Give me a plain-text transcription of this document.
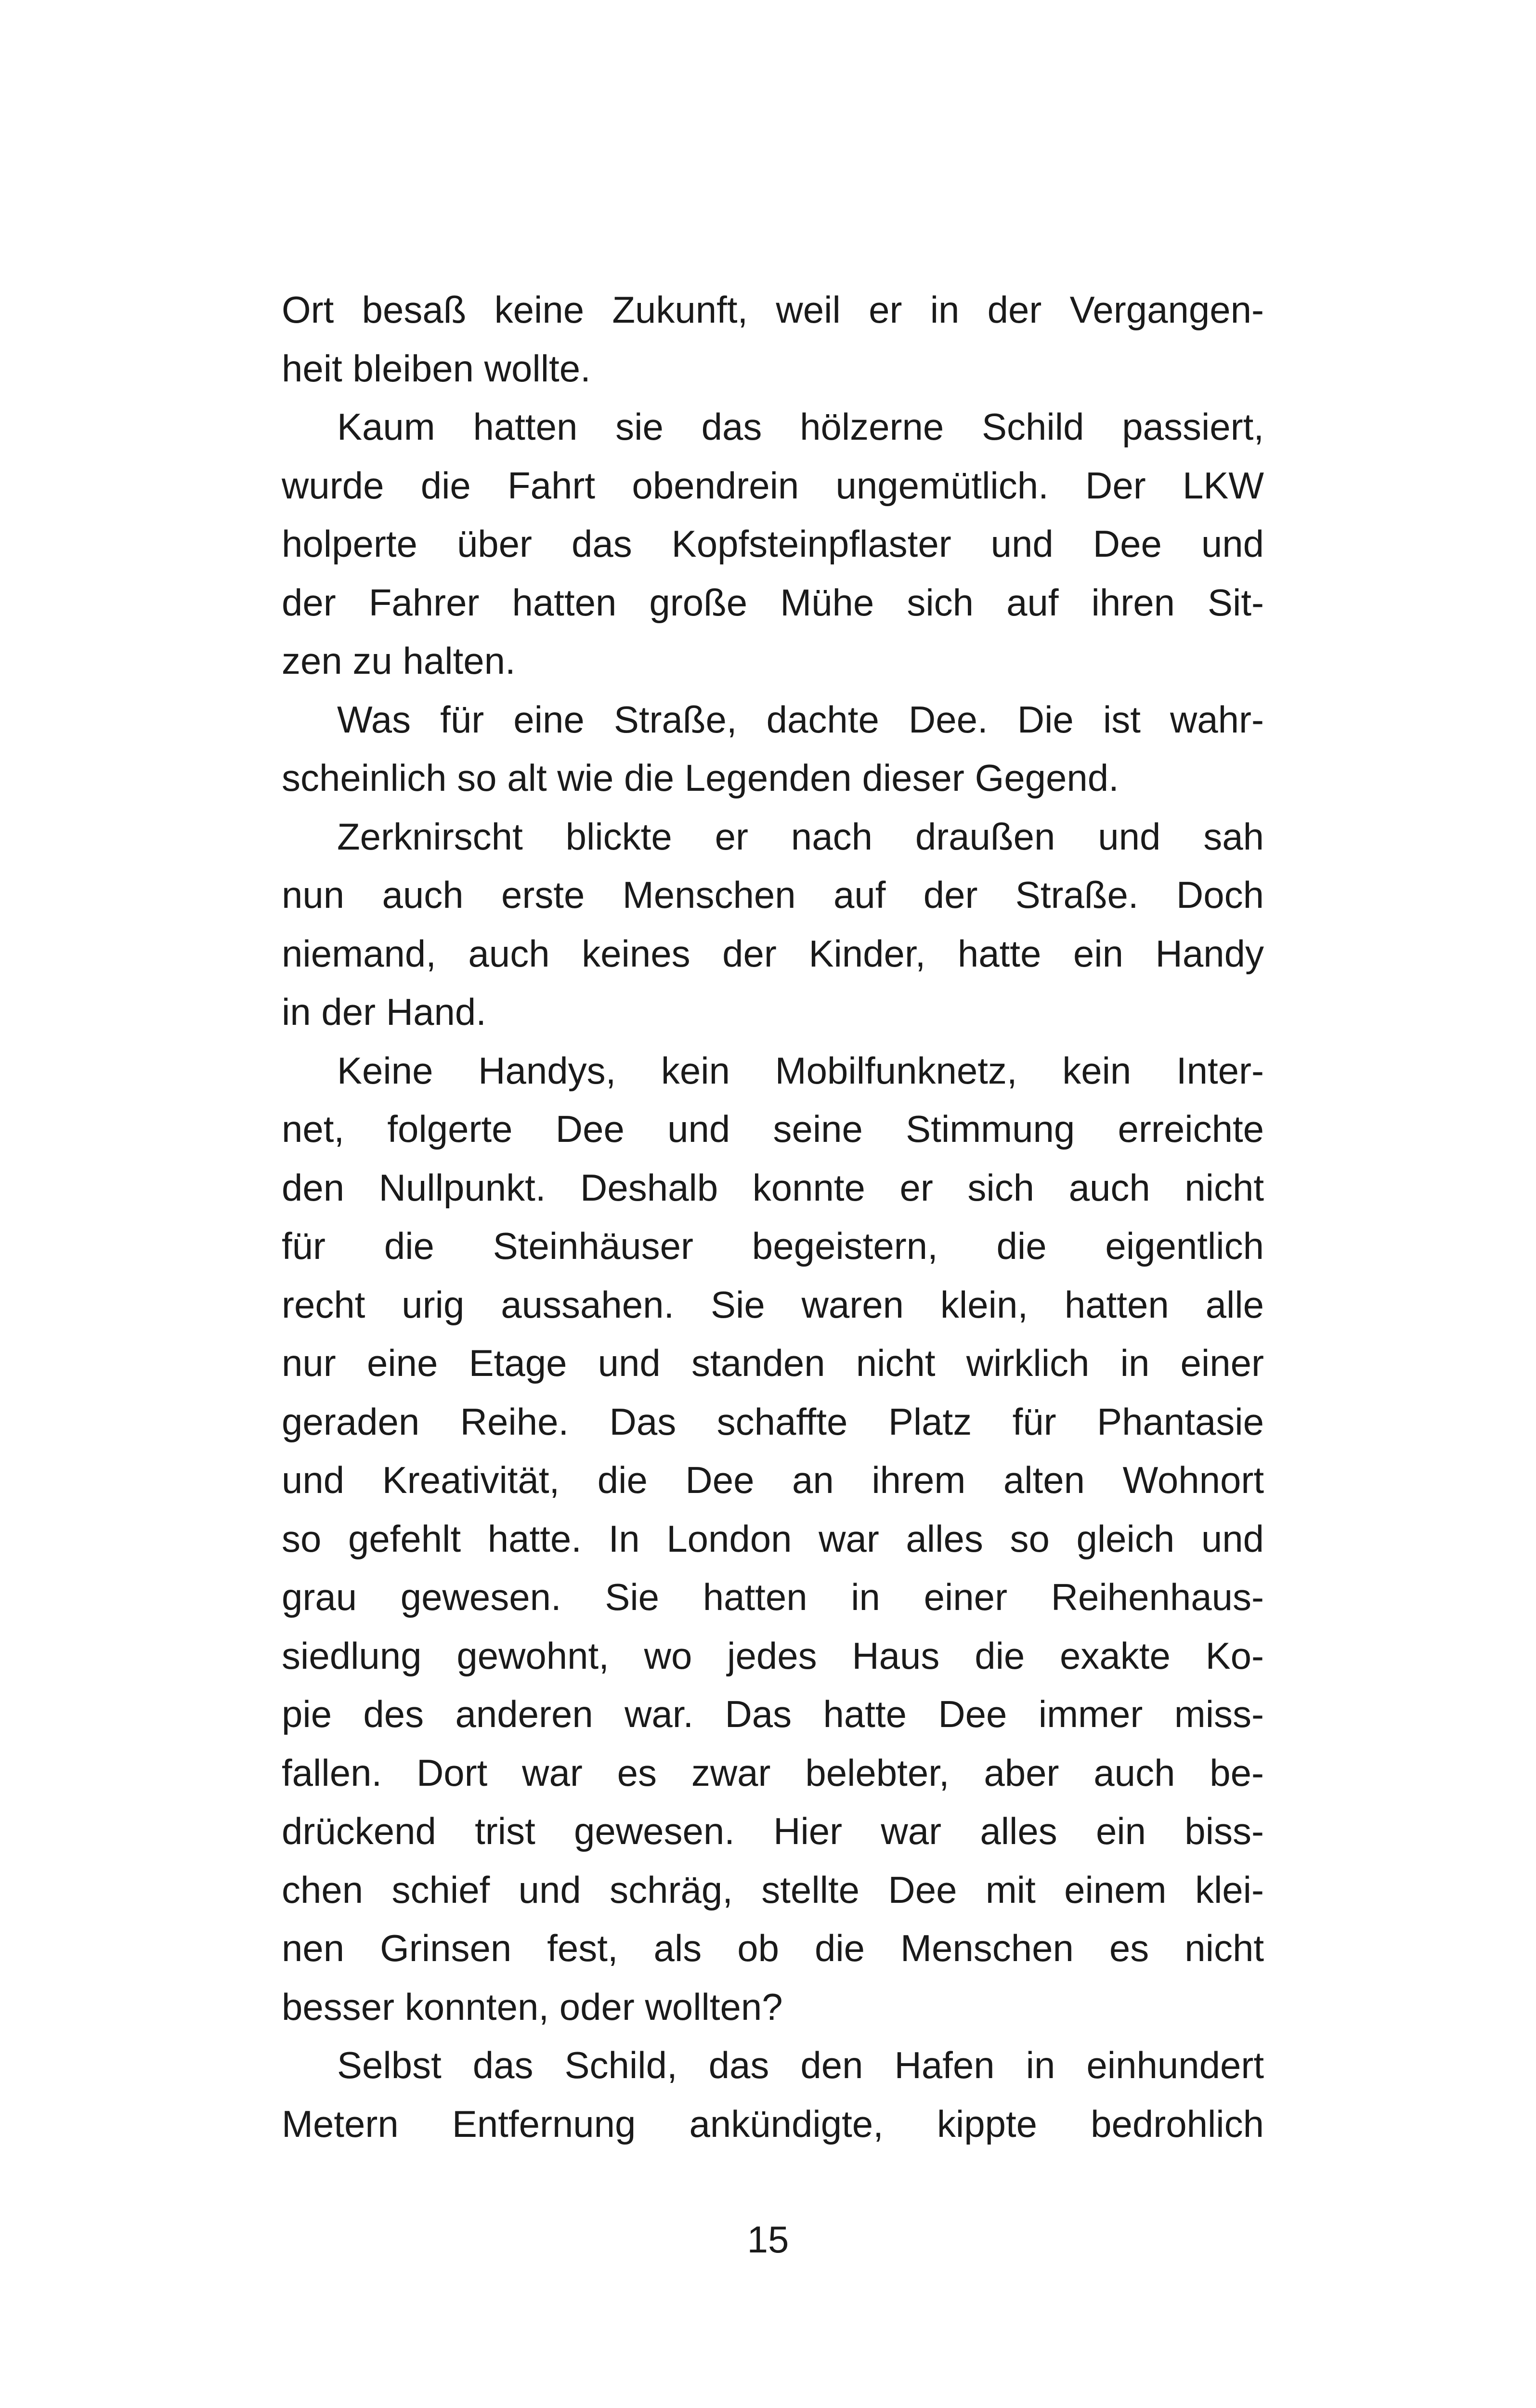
Ort besaß keine Zukunft, weil er in der Vergangen-
heit bleiben wollte.
Kaum hatten sie das hölzerne Schild passiert,
wurde die Fahrt obendrein ungemütlich. Der LKW
holperte über das Kopfsteinpflaster und Dee und
der Fahrer hatten große Mühe sich auf ihren Sit-
zen zu halten.
Was für eine Straße, dachte Dee. Die ist wahr-
scheinlich so alt wie die Legenden dieser Gegend.
Zerknirscht blickte er nach draußen und sah
nun auch erste Menschen auf der Straße. Doch
niemand, auch keines der Kinder, hatte ein Handy
in der Hand.
Keine Handys, kein Mobilfunknetz, kein Inter-
net, folgerte Dee und seine Stimmung erreichte
den Nullpunkt. Deshalb konnte er sich auch nicht
für die Steinhäuser begeistern, die eigentlich
recht urig aussahen. Sie waren klein, hatten alle
nur eine Etage und standen nicht wirklich in einer
geraden Reihe. Das schaffte Platz für Phantasie
und Kreativität, die Dee an ihrem alten Wohnort
so gefehlt hatte. In London war alles so gleich und
grau gewesen. Sie hatten in einer Reihenhaus-
siedlung gewohnt, wo jedes Haus die exakte Ko-
pie des anderen war. Das hatte Dee immer miss-
fallen. Dort war es zwar belebter, aber auch be-
drückend trist gewesen. Hier war alles ein biss-
chen schief und schräg, stellte Dee mit einem klei-
nen Grinsen fest, als ob die Menschen es nicht
besser konnten, oder wollten?
Selbst das Schild, das den Hafen in einhundert
Metern Entfernung ankündigte, kippte bedrohlich
15
